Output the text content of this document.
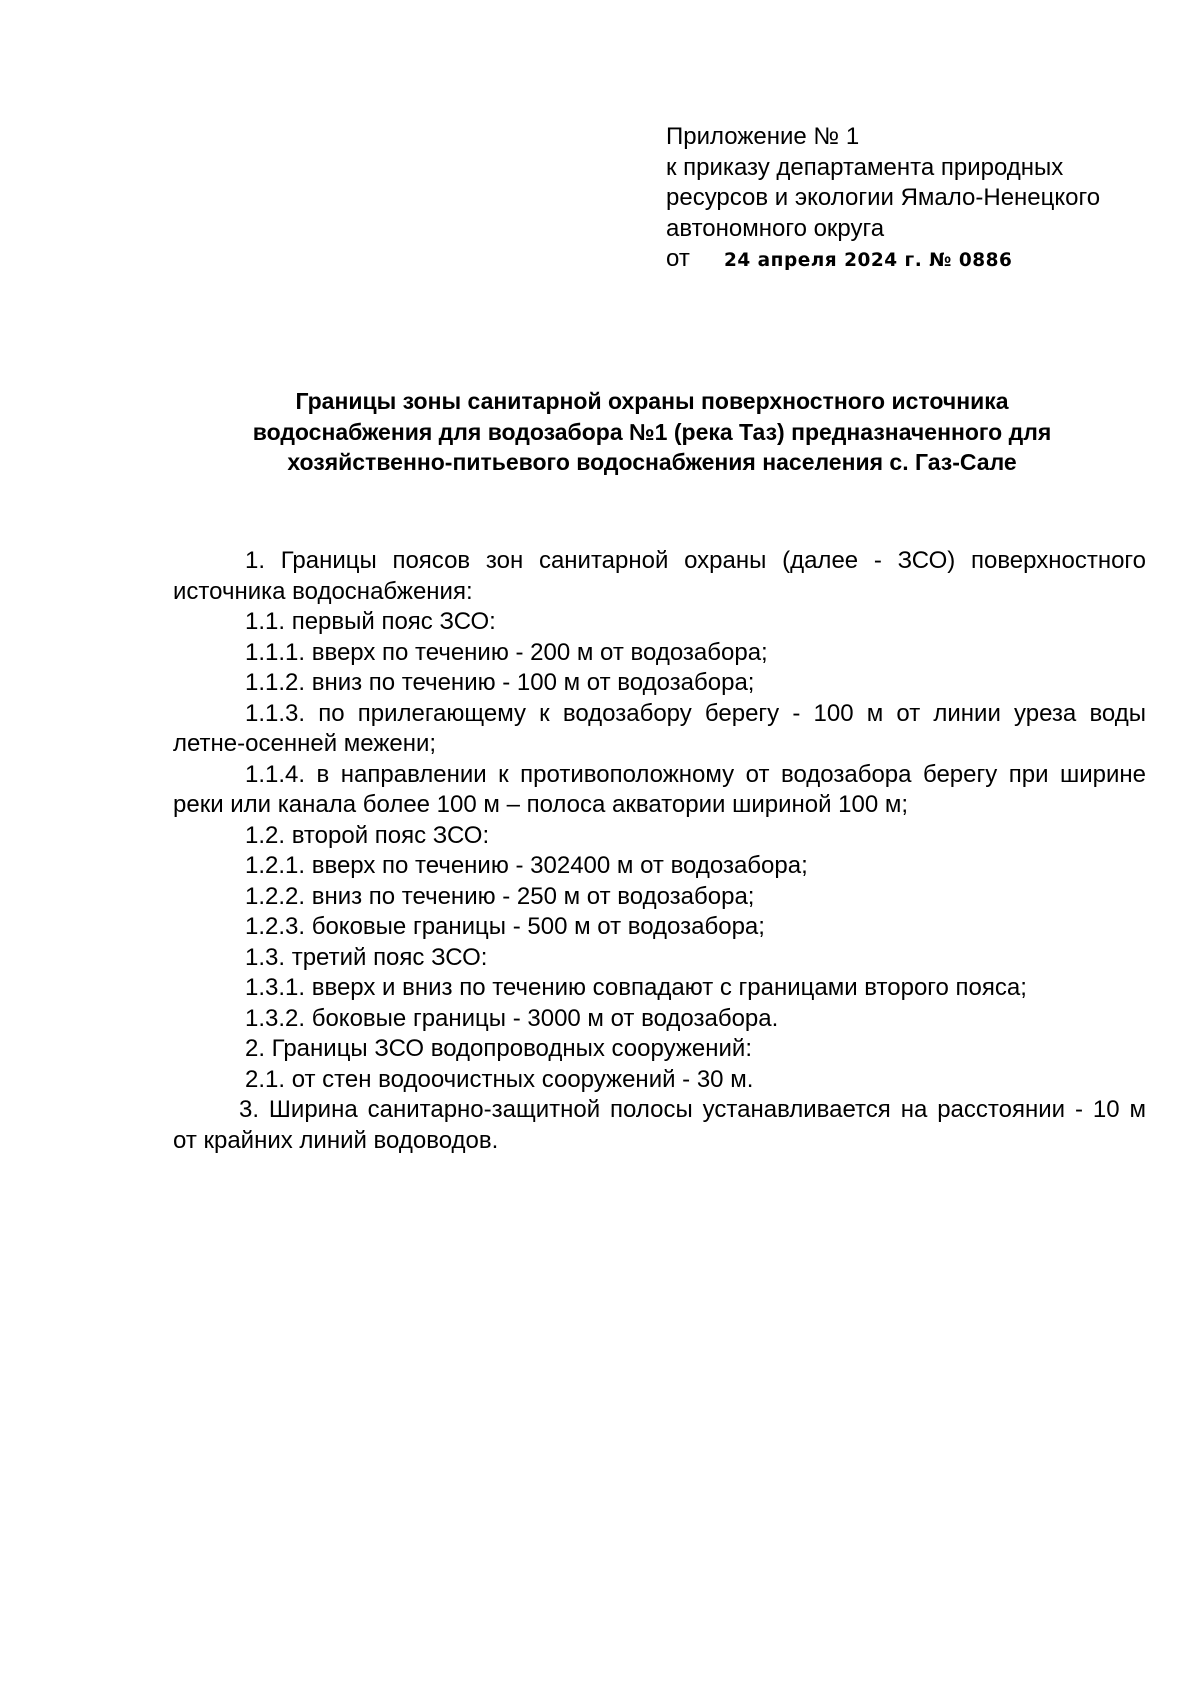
Приложение № 1
к приказу департамента природных
ресурсов и экологии Ямало-Ненецкого
автономного округа
от 24 апреля 2024 г. № 0886
Границы зоны санитарной охраны поверхностного источника
водоснабжения для водозабора №1 (река Таз) предназначенного для
хозяйственно-питьевого водоснабжения населения с. Газ-Сале

1. Границы поясов зон санитарной охраны (далее - ЗСО) поверхностного источника водоснабжения:

1.1. первый пояс ЗСО:

1.1.1. вверх по течению - 200 м от водозабора;

1.1.2. вниз по течению - 100 м от водозабора;

1.1.3. по прилегающему к водозабору берегу - 100 м от линии уреза воды летне-осенней межени;

1.1.4. в направлении к противоположному от водозабора берегу при ширине реки или канала более 100 м – полоса акватории шириной 100 м;

1.2. второй пояс ЗСО:

1.2.1. вверх по течению - 302400 м от водозабора;

1.2.2. вниз по течению - 250 м от водозабора;

1.2.3. боковые границы - 500 м от водозабора;

1.3. третий пояс ЗСО:

1.3.1. вверх и вниз по течению совпадают с границами второго пояса;

1.3.2. боковые границы - 3000 м от водозабора.

2. Границы ЗСО водопроводных сооружений:

2.1. от стен водоочистных сооружений - 30 м.

3. Ширина санитарно-защитной полосы устанавливается на расстоянии - 10 м от крайних линий водоводов.
